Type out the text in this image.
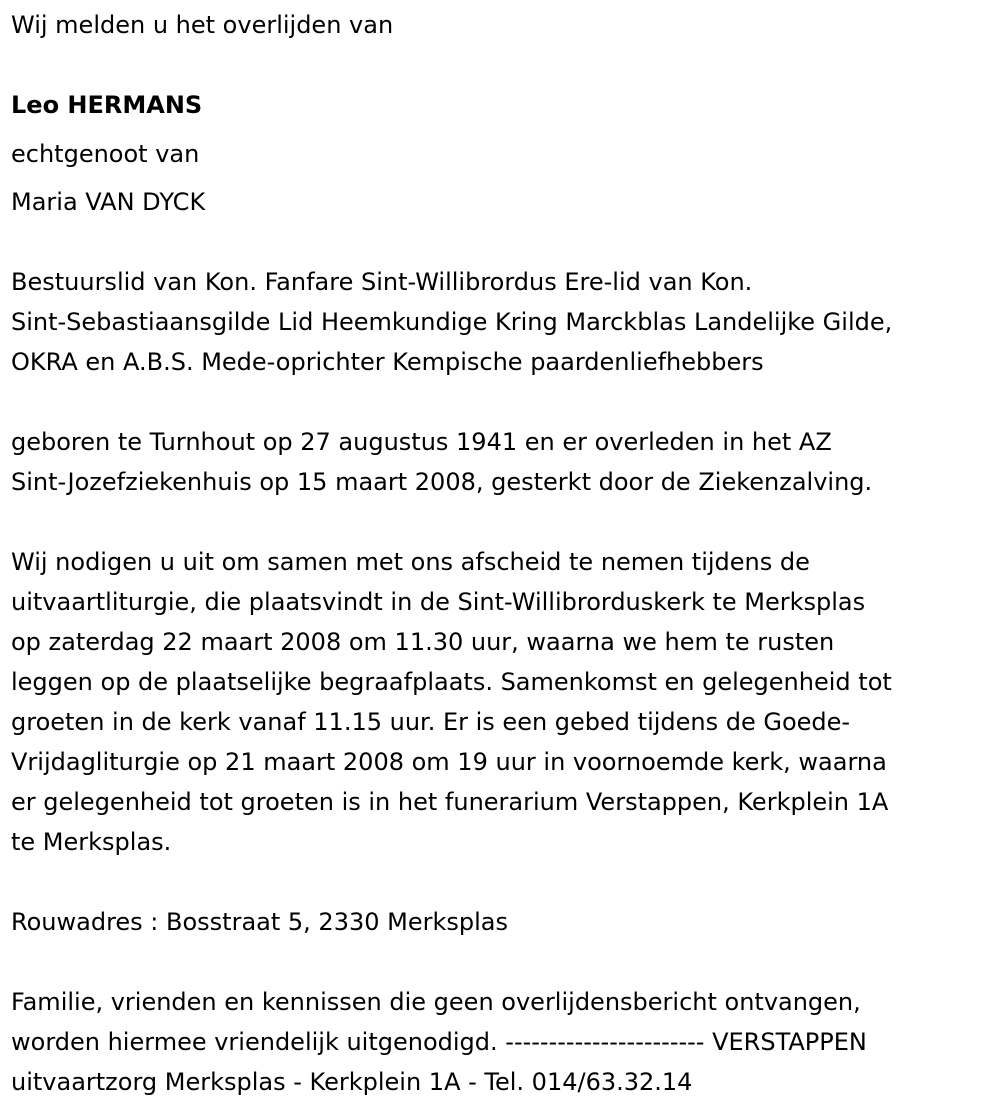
Wij melden u het overlijden van
Leo HERMANS
echtgenoot van
Maria VAN DYCK
Bestuurslid van Kon. Fanfare Sint-Willibrordus Ere-lid van Kon.
Sint-Sebastiaansgilde Lid Heemkundige Kring Marckblas Landelijke Gilde,
OKRA en A.B.S. Mede-oprichter Kempische paardenliefhebbers
geboren te Turnhout op 27 augustus 1941 en er overleden in het AZ
Sint-Jozefziekenhuis op 15 maart 2008, gesterkt door de Ziekenzalving.
Wij nodigen u uit om samen met ons afscheid te nemen tijdens de
uitvaartliturgie, die plaatsvindt in de Sint-Willibrorduskerk te Merksplas
op zaterdag 22 maart 2008 om 11.30 uur, waarna we hem te rusten
leggen op de plaatselijke begraafplaats. Samenkomst en gelegenheid tot
groeten in de kerk vanaf 11.15 uur. Er is een gebed tijdens de Goede-
Vrijdagliturgie op 21 maart 2008 om 19 uur in voornoemde kerk, waarna
er gelegenheid tot groeten is in het funerarium Verstappen, Kerkplein 1A
te Merksplas.
Rouwadres : Bosstraat 5, 2330 Merksplas
Familie, vrienden en kennissen die geen overlijdensbericht ontvangen,
worden hiermee vriendelijk uitgenodigd. ----------------------- VERSTAPPEN
uitvaartzorg Merksplas - Kerkplein 1A - Tel. 014/63.32.14
